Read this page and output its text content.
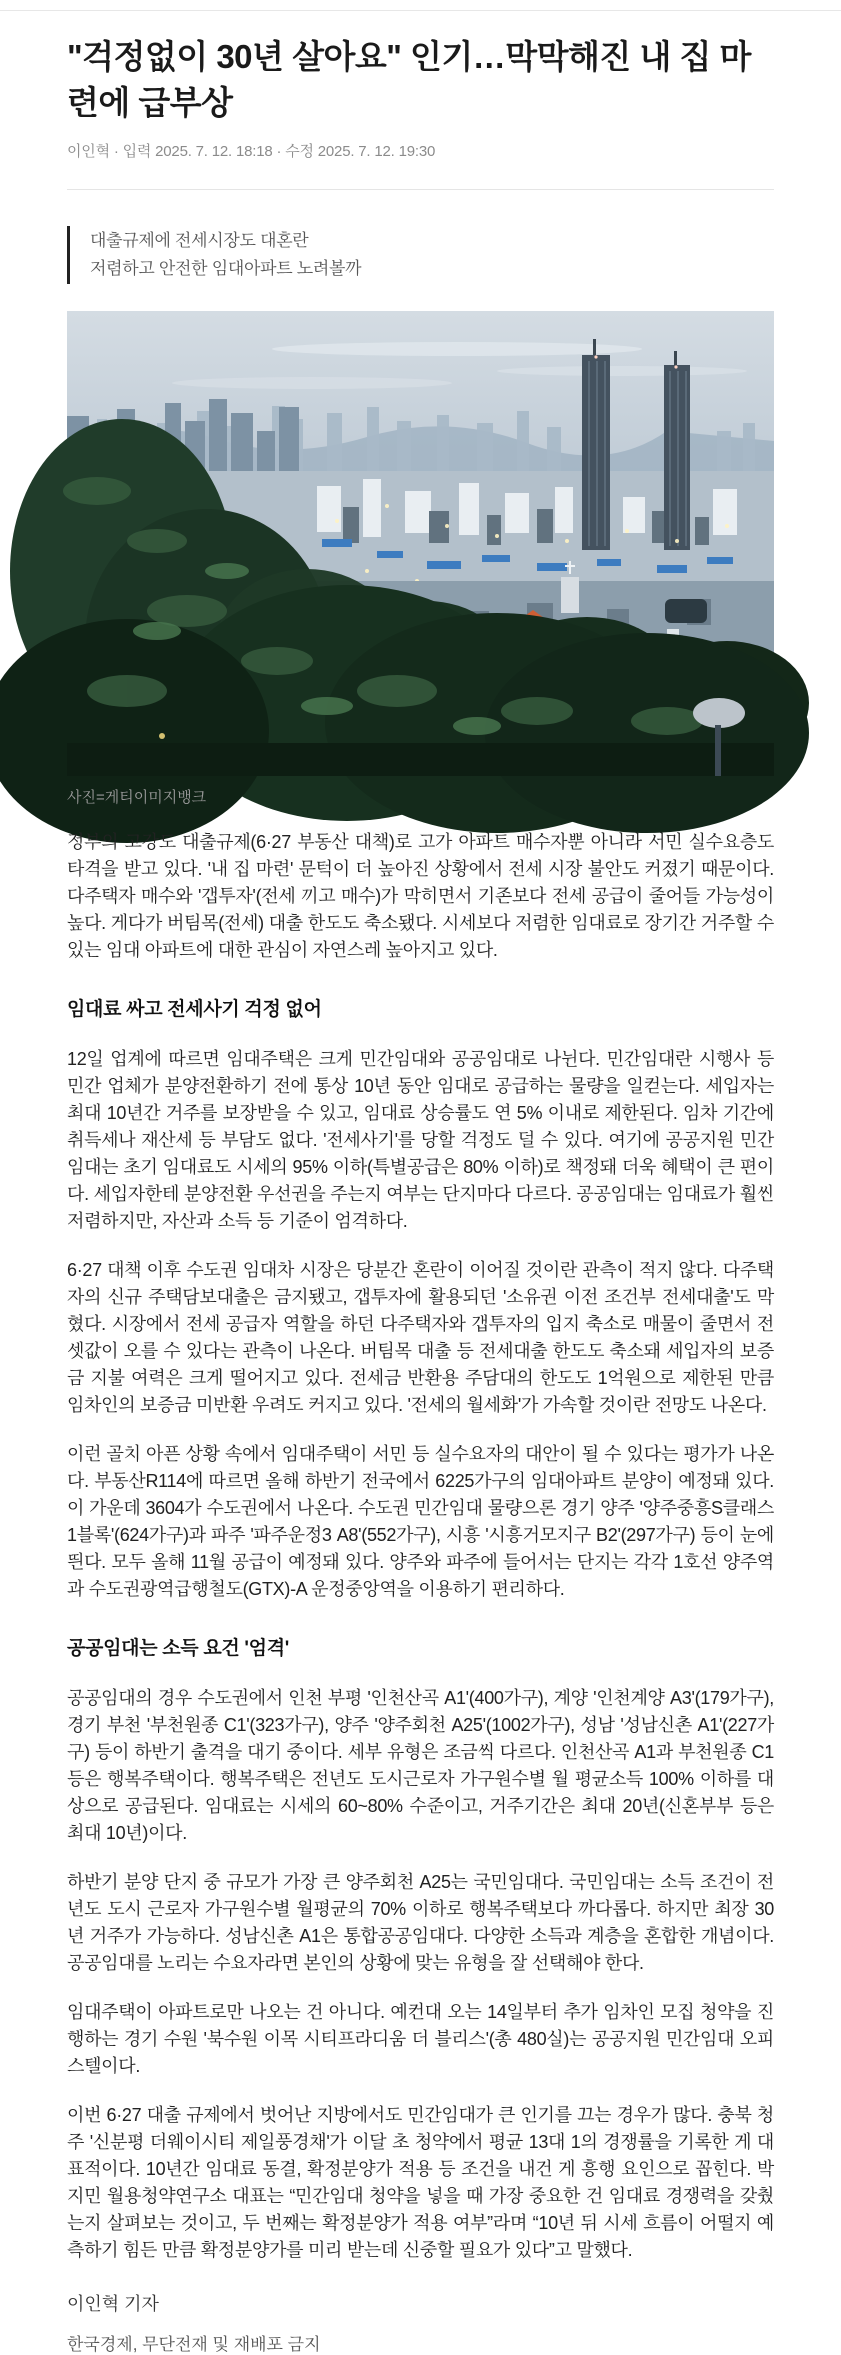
"걱정없이 30년 살아요" 인기…막막해진 내 집 마련에 급부상
이인혁 · 입력 2025. 7. 12. 18:18 · 수정 2025. 7. 12. 19:30
대출규제에 전세시장도 대혼란
저렴하고 안전한 임대아파트 노려볼까
사진=게티이미지뱅크

정부의 고강도 대출규제(6·27 부동산 대책)로 고가 아파트 매수자뿐 아니라 서민 실수요층도 타격을 받고 있다. '내 집 마련' 문턱이 더 높아진 상황에서 전세 시장 불안도 커졌기 때문이다. 다주택자 매수와 '갭투자'(전세 끼고 매수)가 막히면서 기존보다 전세 공급이 줄어들 가능성이 높다. 게다가 버팀목(전세) 대출 한도도 축소됐다. 시세보다 저렴한 임대료로 장기간 거주할 수 있는 임대 아파트에 대한 관심이 자연스레 높아지고 있다.

임대료 싸고 전세사기 걱정 없어

12일 업계에 따르면 임대주택은 크게 민간임대와 공공임대로 나뉜다. 민간임대란 시행사 등 민간 업체가 분양전환하기 전에 통상 10년 동안 임대로 공급하는 물량을 일컫는다. 세입자는 최대 10년간 거주를 보장받을 수 있고, 임대료 상승률도 연 5% 이내로 제한된다. 임차 기간에 취득세나 재산세 등 부담도 없다. '전세사기'를 당할 걱정도 덜 수 있다. 여기에 공공지원 민간임대는 초기 임대료도 시세의 95% 이하(특별공급은 80% 이하)로 책정돼 더욱 혜택이 큰 편이다. 세입자한테 분양전환 우선권을 주는지 여부는 단지마다 다르다. 공공임대는 임대료가 훨씬 저렴하지만, 자산과 소득 등 기준이 엄격하다.

6·27 대책 이후 수도권 임대차 시장은 당분간 혼란이 이어질 것이란 관측이 적지 않다. 다주택자의 신규 주택담보대출은 금지됐고, 갭투자에 활용되던 '소유권 이전 조건부 전세대출'도 막혔다. 시장에서 전세 공급자 역할을 하던 다주택자와 갭투자의 입지 축소로 매물이 줄면서 전셋값이 오를 수 있다는 관측이 나온다. 버팀목 대출 등 전세대출 한도도 축소돼 세입자의 보증금 지불 여력은 크게 떨어지고 있다. 전세금 반환용 주담대의 한도도 1억원으로 제한된 만큼 임차인의 보증금 미반환 우려도 커지고 있다. '전세의 월세화'가 가속할 것이란 전망도 나온다.

이런 골치 아픈 상황 속에서 임대주택이 서민 등 실수요자의 대안이 될 수 있다는 평가가 나온다. 부동산R114에 따르면 올해 하반기 전국에서 6225가구의 임대아파트 분양이 예정돼 있다. 이 가운데 3604가 수도권에서 나온다. 수도권 민간임대 물량으론 경기 양주 '양주중흥S클래스 1블록'(624가구)과 파주 '파주운정3 A8'(552가구), 시흥 '시흥거모지구 B2'(297가구) 등이 눈에 띈다. 모두 올해 11월 공급이 예정돼 있다. 양주와 파주에 들어서는 단지는 각각 1호선 양주역과 수도권광역급행철도(GTX)-A 운정중앙역을 이용하기 편리하다.

공공임대는 소득 요건 '엄격'

공공임대의 경우 수도권에서 인천 부평 '인천산곡 A1'(400가구), 계양 '인천계양 A3'(179가구), 경기 부천 '부천원종 C1'(323가구), 양주 '양주회천 A25'(1002가구), 성남 '성남신촌 A1'(227가구) 등이 하반기 출격을 대기 중이다. 세부 유형은 조금씩 다르다. 인천산곡 A1과 부천원종 C1 등은 행복주택이다. 행복주택은 전년도 도시근로자 가구원수별 월 평균소득 100% 이하를 대상으로 공급된다. 임대료는 시세의 60~80% 수준이고, 거주기간은 최대 20년(신혼부부 등은 최대 10년)이다.

하반기 분양 단지 중 규모가 가장 큰 양주회천 A25는 국민임대다. 국민임대는 소득 조건이 전년도 도시 근로자 가구원수별 월평균의 70% 이하로 행복주택보다 까다롭다. 하지만 최장 30년 거주가 가능하다. 성남신촌 A1은 통합공공임대다. 다양한 소득과 계층을 혼합한 개념이다. 공공임대를 노리는 수요자라면 본인의 상황에 맞는 유형을 잘 선택해야 한다.

임대주택이 아파트로만 나오는 건 아니다. 예컨대 오는 14일부터 추가 임차인 모집 청약을 진행하는 경기 수원 '북수원 이목 시티프라디움 더 블리스'(총 480실)는 공공지원 민간임대 오피스텔이다.

이번 6·27 대출 규제에서 벗어난 지방에서도 민간임대가 큰 인기를 끄는 경우가 많다. 충북 청주 '신분평 더웨이시티 제일풍경채'가 이달 초 청약에서 평균 13대 1의 경쟁률을 기록한 게 대표적이다. 10년간 임대료 동결, 확정분양가 적용 등 조건을 내건 게 흥행 요인으로 꼽힌다. 박지민 월용청약연구소 대표는 “민간임대 청약을 넣을 때 가장 중요한 건 임대료 경쟁력을 갖췄는지 살펴보는 것이고, 두 번째는 확정분양가 적용 여부”라며 “10년 뒤 시세 흐름이 어떨지 예측하기 힘든 만큼 확정분양가를 미리 받는데 신중할 필요가 있다”고 말했다.

이인혁 기자

한국경제, 무단전재 및 재배포 금지
